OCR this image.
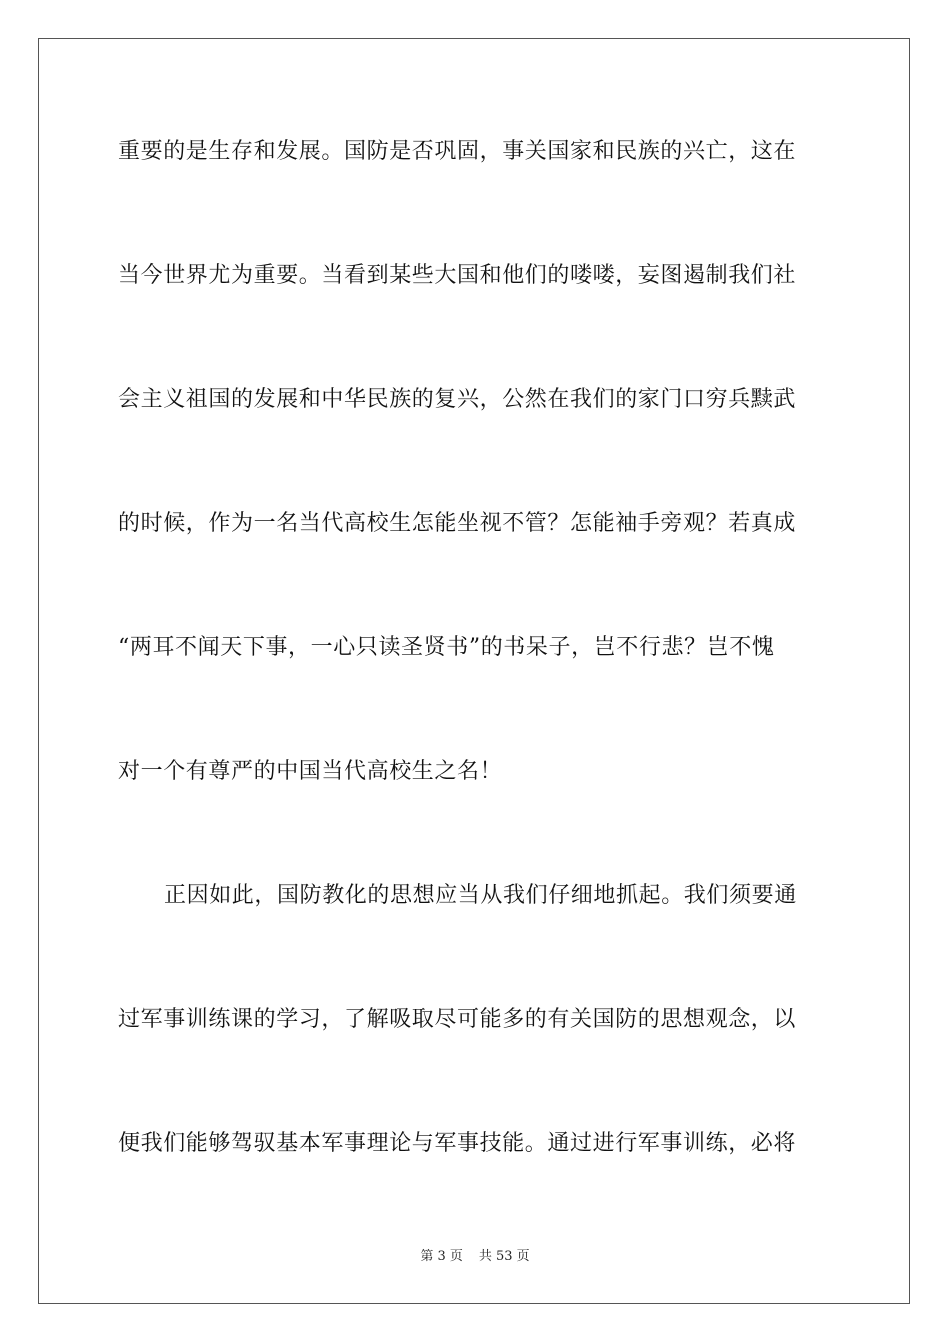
重要的是生存和发展。国防是否巩固，事关国家和民族的兴亡，这在
当今世界尤为重要。当看到某些大国和他们的喽喽，妄图遏制我们社
会主义祖国的发展和中华民族的复兴，公然在我们的家门口穷兵黩武
的时候，作为一名当代高校生怎能坐视不管？怎能袖手旁观？若真成
“两耳不闻天下事，一心只读圣贤书”的书呆子，岂不行悲？岂不愧
对一个有尊严的中国当代高校生之名！
正因如此，国防教化的思想应当从我们仔细地抓起。我们须要通
过军事训练课的学习，了解吸取尽可能多的有关国防的思想观念，以
便我们能够驾驭基本军事理论与军事技能。通过进行军事训练，必将
第 3 页 共 53 页
